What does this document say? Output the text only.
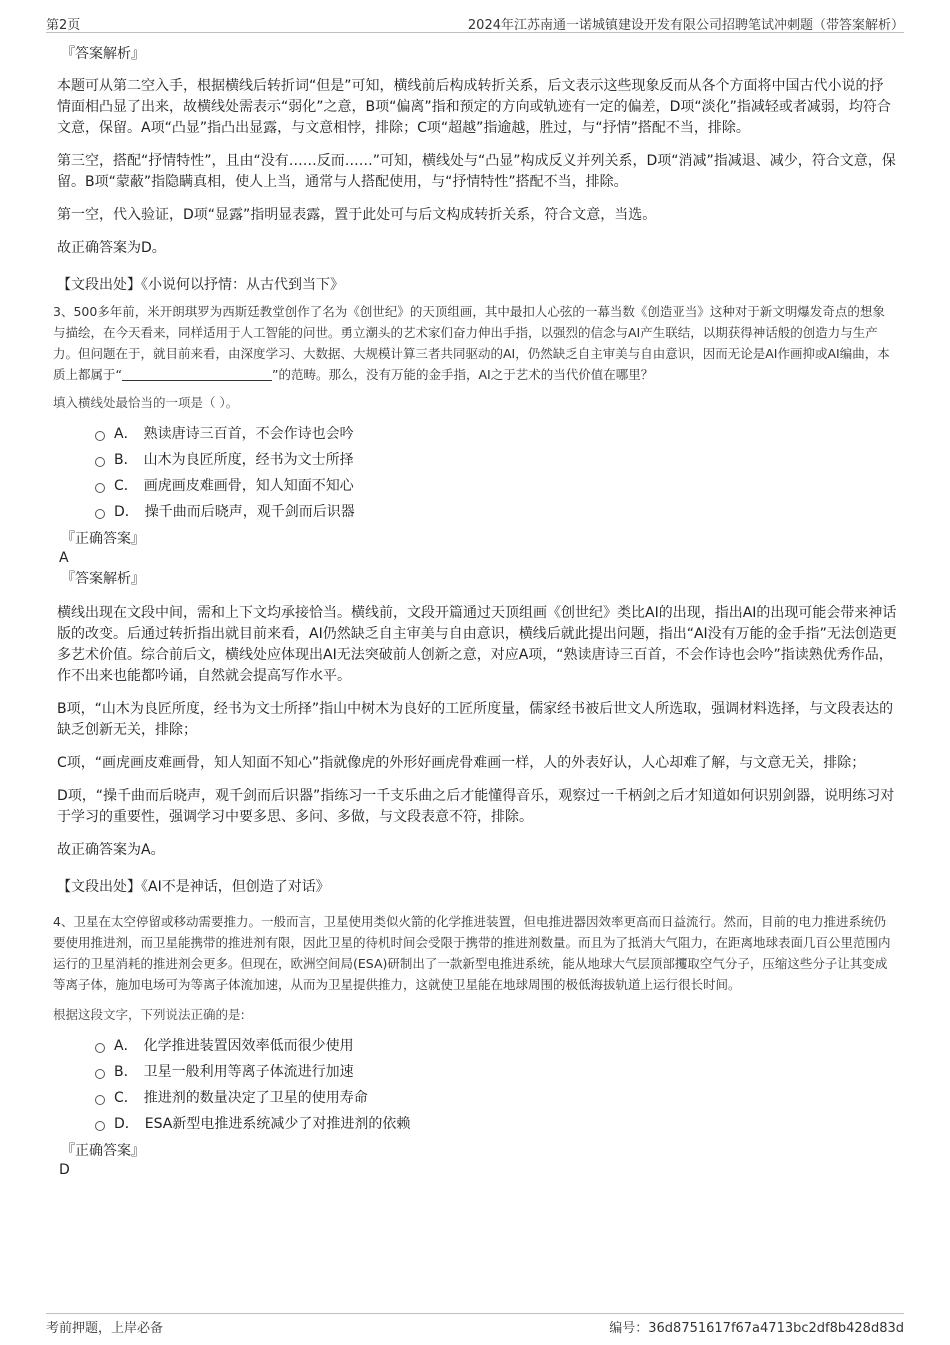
第2页	2024年江苏南通一诺城镇建设开发有限公司招聘笔试冲刺题（带答案解析）
『答案解析』

本题可从第二空入手，根据横线后转折词“但是”可知，横线前后构成转折关系，后文表示这些现象反而从各个方面将中国古代小说的抒情面相凸显了出来，故横线处需表示“弱化”之意，B项“偏离”指和预定的方向或轨迹有一定的偏差，D项“淡化”指减轻或者减弱，均符合文意，保留。A项“凸显”指凸出显露，与文意相悖，排除；C项“超越”指逾越，胜过，与“抒情”搭配不当，排除。

第三空，搭配“抒情特性”，且由“没有……反而……”可知，横线处与“凸显”构成反义并列关系，D项“消减”指减退、减少，符合文意，保留。B项“蒙蔽”指隐瞒真相，使人上当，通常与人搭配使用，与“抒情特性”搭配不当，排除。

第一空，代入验证，D项“显露”指明显表露，置于此处可与后文构成转折关系，符合文意，当选。

故正确答案为D。

【文段出处】《小说何以抒情：从古代到当下》

3、500多年前，米开朗琪罗为西斯廷教堂创作了名为《创世纪》的天顶组画，其中最扣人心弦的一幕当数《创造亚当》这种对于新文明爆发奇点的想象与描绘，在今天看来，同样适用于人工智能的问世。勇立潮头的艺术家们奋力伸出手指，以强烈的信念与AI产生联结，以期获得神话般的创造力与生产力。但问题在于，就目前来看，由深度学习、大数据、大规模计算三者共同驱动的AI，仍然缺乏自主审美与自由意识，因而无论是AI作画抑或AI编曲，本质上都属于“	”的范畴。那么，没有万能的金手指，AI之于艺术的当代价值在哪里？

填入横线处最恰当的一项是（ ）。

A． 熟读唐诗三百首，不会作诗也会吟
B． 山木为良匠所度，经书为文士所择
C． 画虎画皮难画骨，知人知面不知心
D． 操千曲而后晓声，观千剑而后识器
『正确答案』
A
『答案解析』

横线出现在文段中间，需和上下文均承接恰当。横线前，文段开篇通过天顶组画《创世纪》类比AI的出现，指出AI的出现可能会带来神话版的改变。后通过转折指出就目前来看，AI仍然缺乏自主审美与自由意识，横线后就此提出问题，指出“AI没有万能的金手指”无法创造更多艺术价值。综合前后文，横线处应体现出AI无法突破前人创新之意，对应A项，“熟读唐诗三百首，不会作诗也会吟”指读熟优秀作品，作不出来也能都吟诵，自然就会提高写作水平。

B项，“山木为良匠所度，经书为文士所择”指山中树木为良好的工匠所度量，儒家经书被后世文人所选取，强调材料选择，与文段表达的缺乏创新无关，排除；

C项，“画虎画皮难画骨，知人知面不知心”指就像虎的外形好画虎骨难画一样，人的外表好认，人心却难了解，与文意无关，排除；

D项，“操千曲而后晓声，观千剑而后识器”指练习一千支乐曲之后才能懂得音乐，观察过一千柄剑之后才知道如何识别剑器，说明练习对于学习的重要性，强调学习中要多思、多问、多做，与文段表意不符，排除。

故正确答案为A。

【文段出处】《AI不是神话，但创造了对话》

4、卫星在太空停留或移动需要推力。一般而言，卫星使用类似火箭的化学推进装置，但电推进器因效率更高而日益流行。然而，目前的电力推进系统仍要使用推进剂，而卫星能携带的推进剂有限，因此卫星的待机时间会受限于携带的推进剂数量。而且为了抵消大气阻力，在距离地球表面几百公里范围内运行的卫星消耗的推进剂会更多。但现在，欧洲空间局(ESA)研制出了一款新型电推进系统，能从地球大气层顶部攫取空气分子，压缩这些分子让其变成等离子体，施加电场可为等离子体流加速，从而为卫星提供推力，这就使卫星能在地球周围的极低海拔轨道上运行很长时间。

根据这段文字，下列说法正确的是:

A． 化学推进装置因效率低而很少使用
B． 卫星一般利用等离子体流进行加速
C． 推进剂的数量决定了卫星的使用寿命
D． ESA新型电推进系统减少了对推进剂的依赖
『正确答案』
D
考前押题，上岸必备	编号：36d8751617f67a4713bc2df8b428d83d
